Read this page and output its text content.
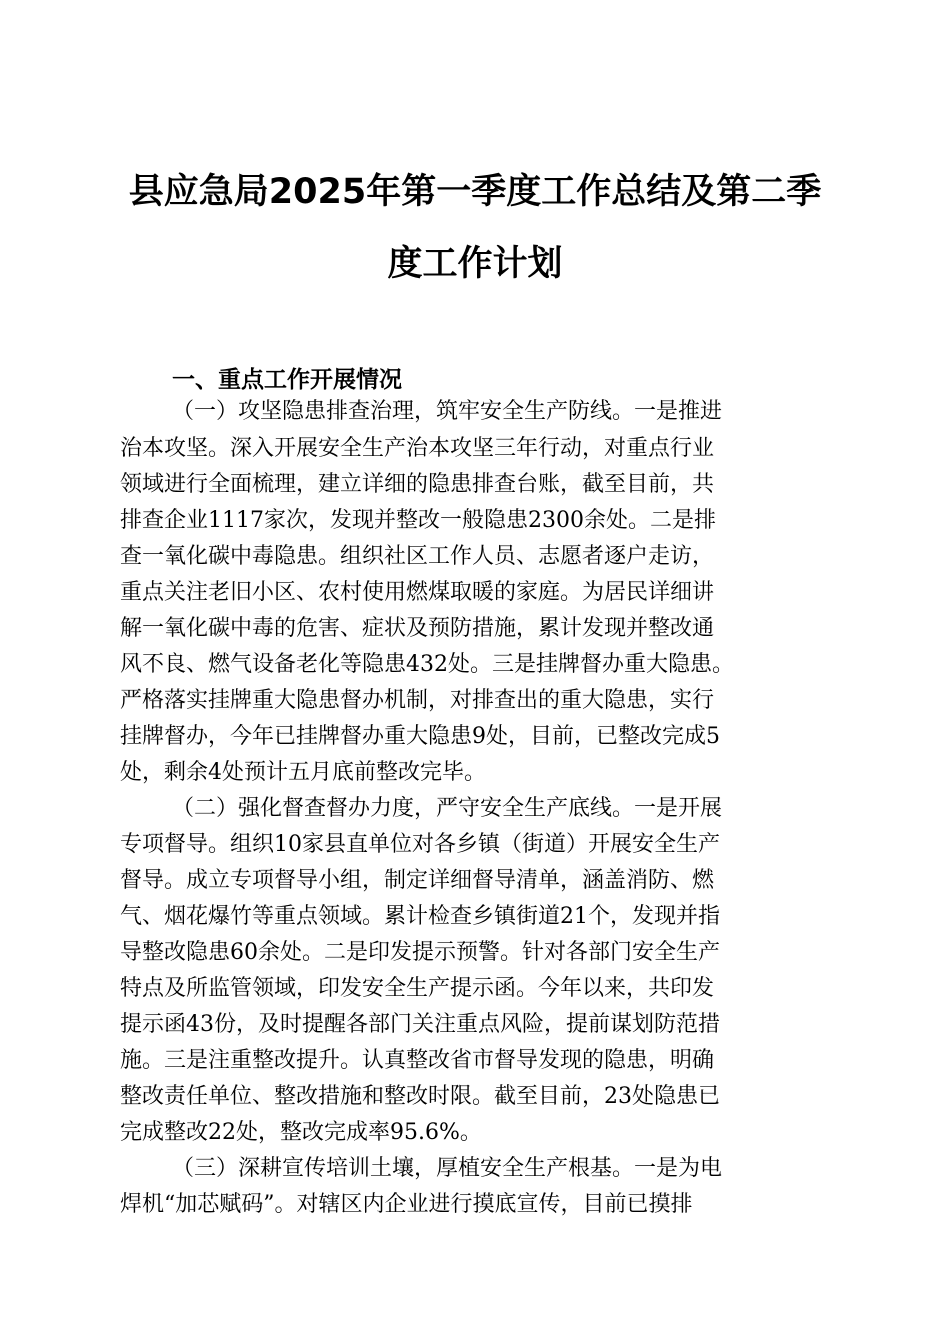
县应急局2025年第一季度工作总结及第二季
度工作计划
一、重点工作开展情况

（一）攻坚隐患排查治理，筑牢安全生产防线。一是推进

治本攻坚。深入开展安全生产治本攻坚三年行动，对重点行业

领域进行全面梳理，建立详细的隐患排查台账，截至目前，共

排查企业1117家次，发现并整改一般隐患2300余处。二是排

查一氧化碳中毒隐患。组织社区工作人员、志愿者逐户走访，

重点关注老旧小区、农村使用燃煤取暖的家庭。为居民详细讲

解一氧化碳中毒的危害、症状及预防措施，累计发现并整改通

风不良、燃气设备老化等隐患432处。三是挂牌督办重大隐患。

严格落实挂牌重大隐患督办机制，对排查出的重大隐患，实行

挂牌督办，今年已挂牌督办重大隐患9处，目前，已整改完成5

处，剩余4处预计五月底前整改完毕。

（二）强化督查督办力度，严守安全生产底线。一是开展

专项督导。组织10家县直单位对各乡镇（街道）开展安全生产

督导。成立专项督导小组，制定详细督导清单，涵盖消防、燃

气、烟花爆竹等重点领域。累计检查乡镇街道21个，发现并指

导整改隐患60余处。二是印发提示预警。针对各部门安全生产

特点及所监管领域，印发安全生产提示函。今年以来，共印发

提示函43份，及时提醒各部门关注重点风险，提前谋划防范措

施。三是注重整改提升。认真整改省市督导发现的隐患，明确

整改责任单位、整改措施和整改时限。截至目前，23处隐患已

完成整改22处，整改完成率95.6%。

（三）深耕宣传培训土壤，厚植安全生产根基。一是为电

焊机“加芯赋码”。对辖区内企业进行摸底宣传，目前已摸排
